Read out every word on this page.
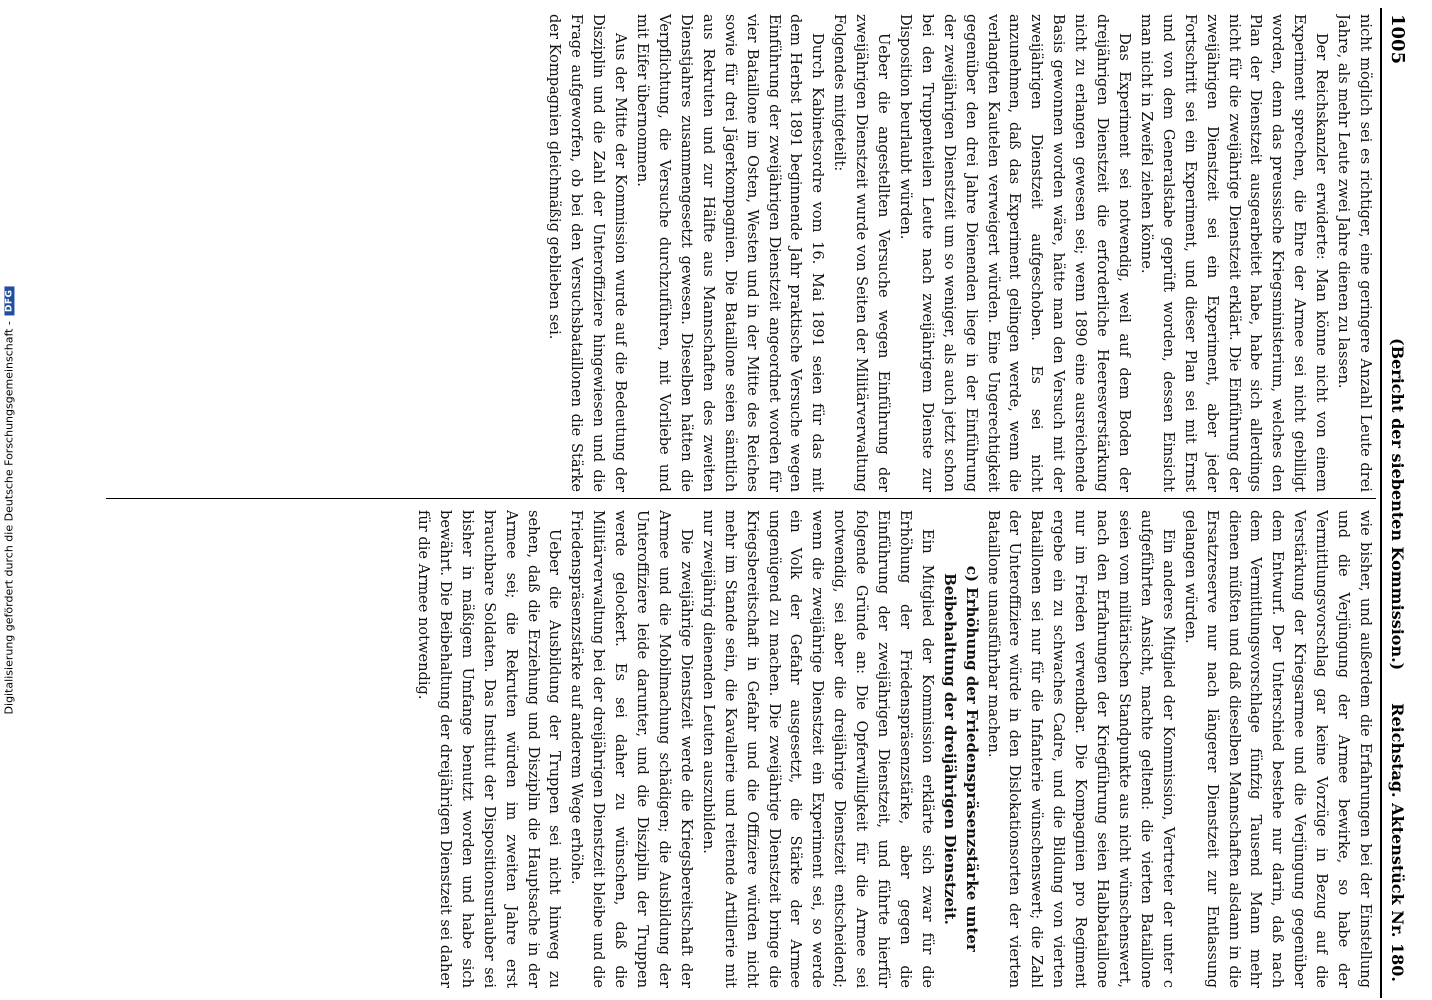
Digitalisierung gefördert durch die Deutsche Forschungsgemeinschaft -
DFG
1005
(Bericht der siebenten Kommission.)
Reichstag. Aktenstück Nr. 180.

nicht möglich sei es richtiger, eine geringere Anzahl Leute drei Jahre, als mehr Leute zwei Jahre dienen zu lassen.

Der Reichskanzler erwiderte: Man könne nicht von einem Experiment sprechen, die Ehre der Armee sei nicht gebilligt worden, denn das preussische Kriegsministerium, welches den Plan der Dienstzeit ausgearbeitet habe, habe sich allerdings nicht für die zweijährige Dienstzeit erklärt. Die Einführung der zweijährigen Dienstzeit sei ein Experiment, aber jeder Fortschritt sei ein Experiment, und dieser Plan sei mit Ernst und von dem Generalstabe geprüft worden, dessen Einsicht man nicht in Zweifel ziehen könne.

Das Experiment sei notwendig, weil auf dem Boden der dreijährigen Dienstzeit die erforderliche Heeresverstärkung nicht zu erlangen gewesen sei; wenn 1890 eine ausreichende Basis gewonnen worden wäre, hätte man den Versuch mit der zweijährigen Dienstzeit aufgeschoben. Es sei nicht anzunehmen, daß das Experiment gelingen werde, wenn die verlangten Kautelen verweigert würden. Eine Ungerechtigkeit gegenüber den drei Jahre Dienenden liege in der Einführung der zweijährigen Dienstzeit um so weniger, als auch jetzt schon bei den Truppenteilen Leute nach zweijährigem Dienste zur Disposition beurlaubt würden.

Ueber die angestellten Versuche wegen Einführung der zweijährigen Dienstzeit wurde von Seiten der Militärverwaltung Folgendes mitgeteilt:

Durch Kabinetsordre vom 16. Mai 1891 seien für das mit dem Herbst 1891 beginnende Jahr praktische Versuche wegen Einführung der zweijährigen Dienstzeit angeordnet worden für vier Bataillone im Osten, Westen und in der Mitte des Reiches sowie für drei Jägerkompagnien. Die Bataillone seien sämtlich aus Rekruten und zur Hälfte aus Mannschaften des zweiten Dienstjahres zusammengesetzt gewesen. Dieselben hätten die Verpflichtung, die Versuche durchzuführen, mit Vorliebe und mit Eifer übernommen.

Aus der Mitte der Kommission wurde auf die Bedeutung der Disziplin und die Zahl der Unteroffiziere hingewiesen und die Frage aufgeworfen, ob bei den Versuchsbataillonen die Stärke der Kompagnien gleichmäßig geblieben sei.

wie bisher, und außerdem die Erfahrungen bei der Einstellung und die Verjüngung der Armee bewirke, so habe der Vermittlungsvorschlag gar keine Vorzüge in Bezug auf die Verstärkung der Kriegsarmee und die Verjüngung gegenüber dem Entwurf. Der Unterschied bestehe nur darin, daß nach dem Vermittlungsvorschlage fünfzig Tausend Mann mehr dienen müßten und daß dieselben Mannschaften alsdann in die Ersatzreserve nur nach längerer Dienstzeit zur Entlassung gelangen würden.

Ein anderes Mitglied der Kommission, Vertreter der unter c aufgeführten Ansicht, machte geltend: die vierten Bataillone seien vom militärischen Standpunkte aus nicht wünschenswert, nach den Erfahrungen der Kriegführung seien Halbbataillone nur im Frieden verwendbar. Die Kompagnien pro Regiment ergebe ein zu schwaches Cadre, und die Bildung von vierten Bataillonen sei nur für die Infanterie wünschenswert; die Zahl der Unteroffiziere würde in den Dislokationsorten der vierten Bataillone unausführbar machen.

c) Erhöhung der Friedenspräsenzstärke unter Beibehaltung der dreijährigen Dienstzeit.

Ein Mitglied der Kommission erklärte sich zwar für die Erhöhung der Friedenspräsenzstärke, aber gegen die Einführung der zweijährigen Dienstzeit, und führte hierfür folgende Gründe an: Die Opferwilligkeit für die Armee sei notwendig, sei aber die dreijährige Dienstzeit entscheidend; wenn die zweijährige Dienstzeit ein Experiment sei, so werde ein Volk der Gefahr ausgesetzt, die Stärke der Armee ungenügend zu machen. Die zweijährige Dienstzeit bringe die Kriegsbereitschaft in Gefahr und die Offiziere würden nicht mehr im Stande sein, die Kavallerie und reitende Artillerie mit nur zweijährig dienenden Leuten auszubilden.

Die zweijährige Dienstzeit werde die Kriegsbereitschaft der Armee und die Mobilmachung schädigen; die Ausbildung der Unteroffiziere leide darunter, und die Disziplin der Truppen werde gelockert. Es sei daher zu wünschen, daß die Militärverwaltung bei der dreijährigen Dienstzeit bleibe und die Friedenspräsenzstärke auf anderem Wege erhöhe.

Ueber die Ausbildung der Truppen sei nicht hinweg zu sehen, daß die Erziehung und Disziplin die Hauptsache in der Armee sei; die Rekruten würden im zweiten Jahre erst brauchbare Soldaten. Das Institut der Dispositionsurlauber sei bisher in mäßigem Umfange benutzt worden und habe sich bewährt. Die Beibehaltung der dreijährigen Dienstzeit sei daher für die Armee notwendig.
